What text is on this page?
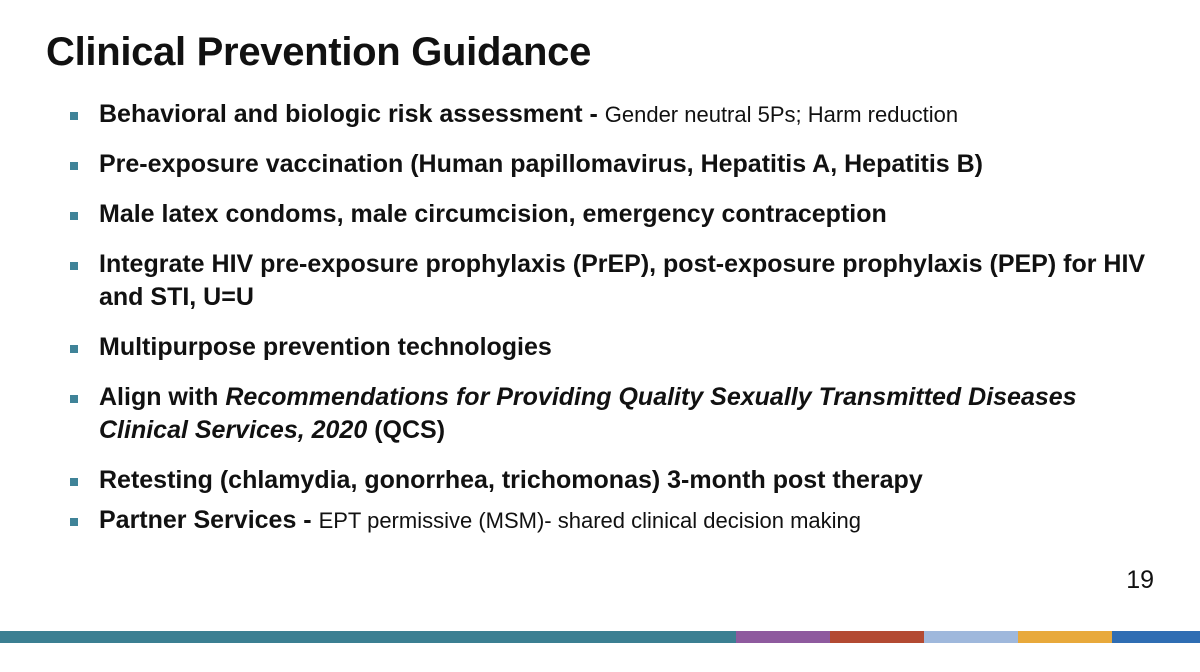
Clinical Prevention Guidance
Behavioral and biologic risk assessment - Gender neutral 5Ps; Harm reduction
Pre-exposure vaccination (Human papillomavirus, Hepatitis A, Hepatitis B)
Male latex condoms, male circumcision, emergency contraception
Integrate HIV pre-exposure prophylaxis (PrEP), post-exposure prophylaxis (PEP) for HIV and STI, U=U
Multipurpose prevention technologies
Align with Recommendations for Providing Quality Sexually Transmitted Diseases Clinical Services, 2020 (QCS)
Retesting (chlamydia, gonorrhea, trichomonas) 3-month post therapy
Partner Services - EPT permissive (MSM)- shared clinical decision making
19
